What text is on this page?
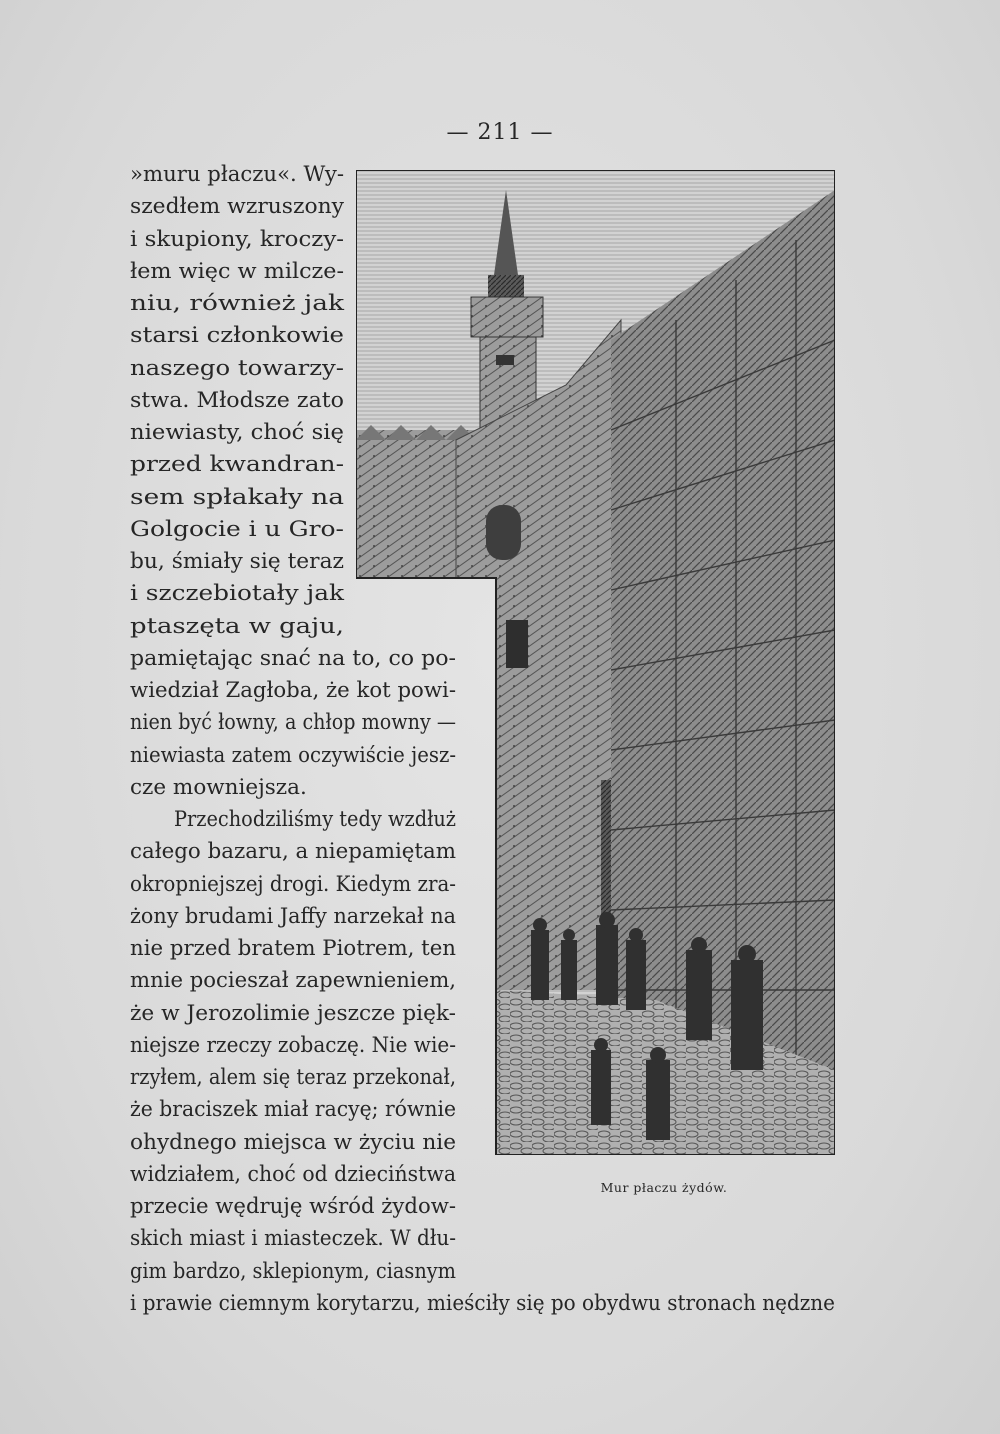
— 211 —
»muru płaczu«. Wy-
szedłem wzruszony
i skupiony, kroczy-
łem więc w milcze-
niu, również jak
starsi członkowie
naszego towarzy-
stwa. Młodsze zato
niewiasty, choć się
przed kwandran-
sem spłakały na
Golgocie i u Gro-
bu, śmiały się teraz
i szczebiotały jak
ptaszęta w gaju,
pamiętając snać na to, co po-
wiedział Zagłoba, że kot powi-
nien być łowny, a chłop mowny —
niewiasta zatem oczywiście jesz-
cze mowniejsza.
Przechodziliśmy tedy wzdłuż
całego bazaru, a niepamiętam
okropniejszej drogi. Kiedym zra-
żony brudami Jaffy narzekał na
nie przed bratem Piotrem, ten
mnie pocieszał zapewnieniem,
że w Jerozolimie jeszcze pięk-
niejsze rzeczy zobaczę. Nie wie-
rzyłem, alem się teraz przekonał,
że braciszek miał racyę; równie
ohydnego miejsca w życiu nie
widziałem, choć od dzieciństwa
przecie wędruję wśród żydow-
skich miast i miasteczek. W dłu-
gim bardzo, sklepionym, ciasnym
i prawie ciemnym korytarzu, mieściły się po obydwu stronach nędzne
Mur płaczu żydów.
